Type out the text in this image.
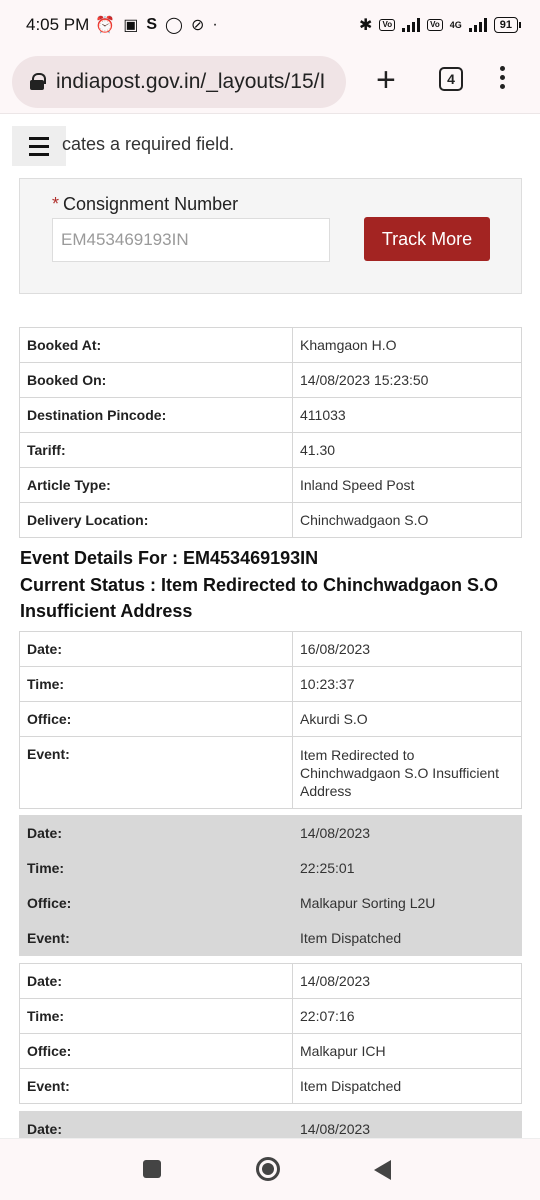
4:05 PM ⏰ ▣ S ◯ ⊘ ·	✱	Vo	Vo	4G	91
indiapost.gov.in/_layouts/15/I +	4
cates a required field.
* Consignment Number
EM453469193IN
Track More
Booked At:	Khamgaon H.O
Booked On:	14/08/2023 15:23:50
Destination Pincode:	411033
Tariff:	41.30
Article Type:	Inland Speed Post
Delivery Location:	Chinchwadgaon S.O
Event Details For : EM453469193IN
Current Status : Item Redirected to Chinchwadgaon S.O
Insufficient Address
Date:	16/08/2023
Time:	10:23:37
Office:	Akurdi S.O
Event:	Item Redirected to Chinchwadgaon S.O Insufficient Address
Date:	14/08/2023
Time:	22:25:01
Office:	Malkapur Sorting L2U
Event:	Item Dispatched
Date:	14/08/2023
Time:	22:07:16
Office:	Malkapur ICH
Event:	Item Dispatched
Date:	14/08/2023
